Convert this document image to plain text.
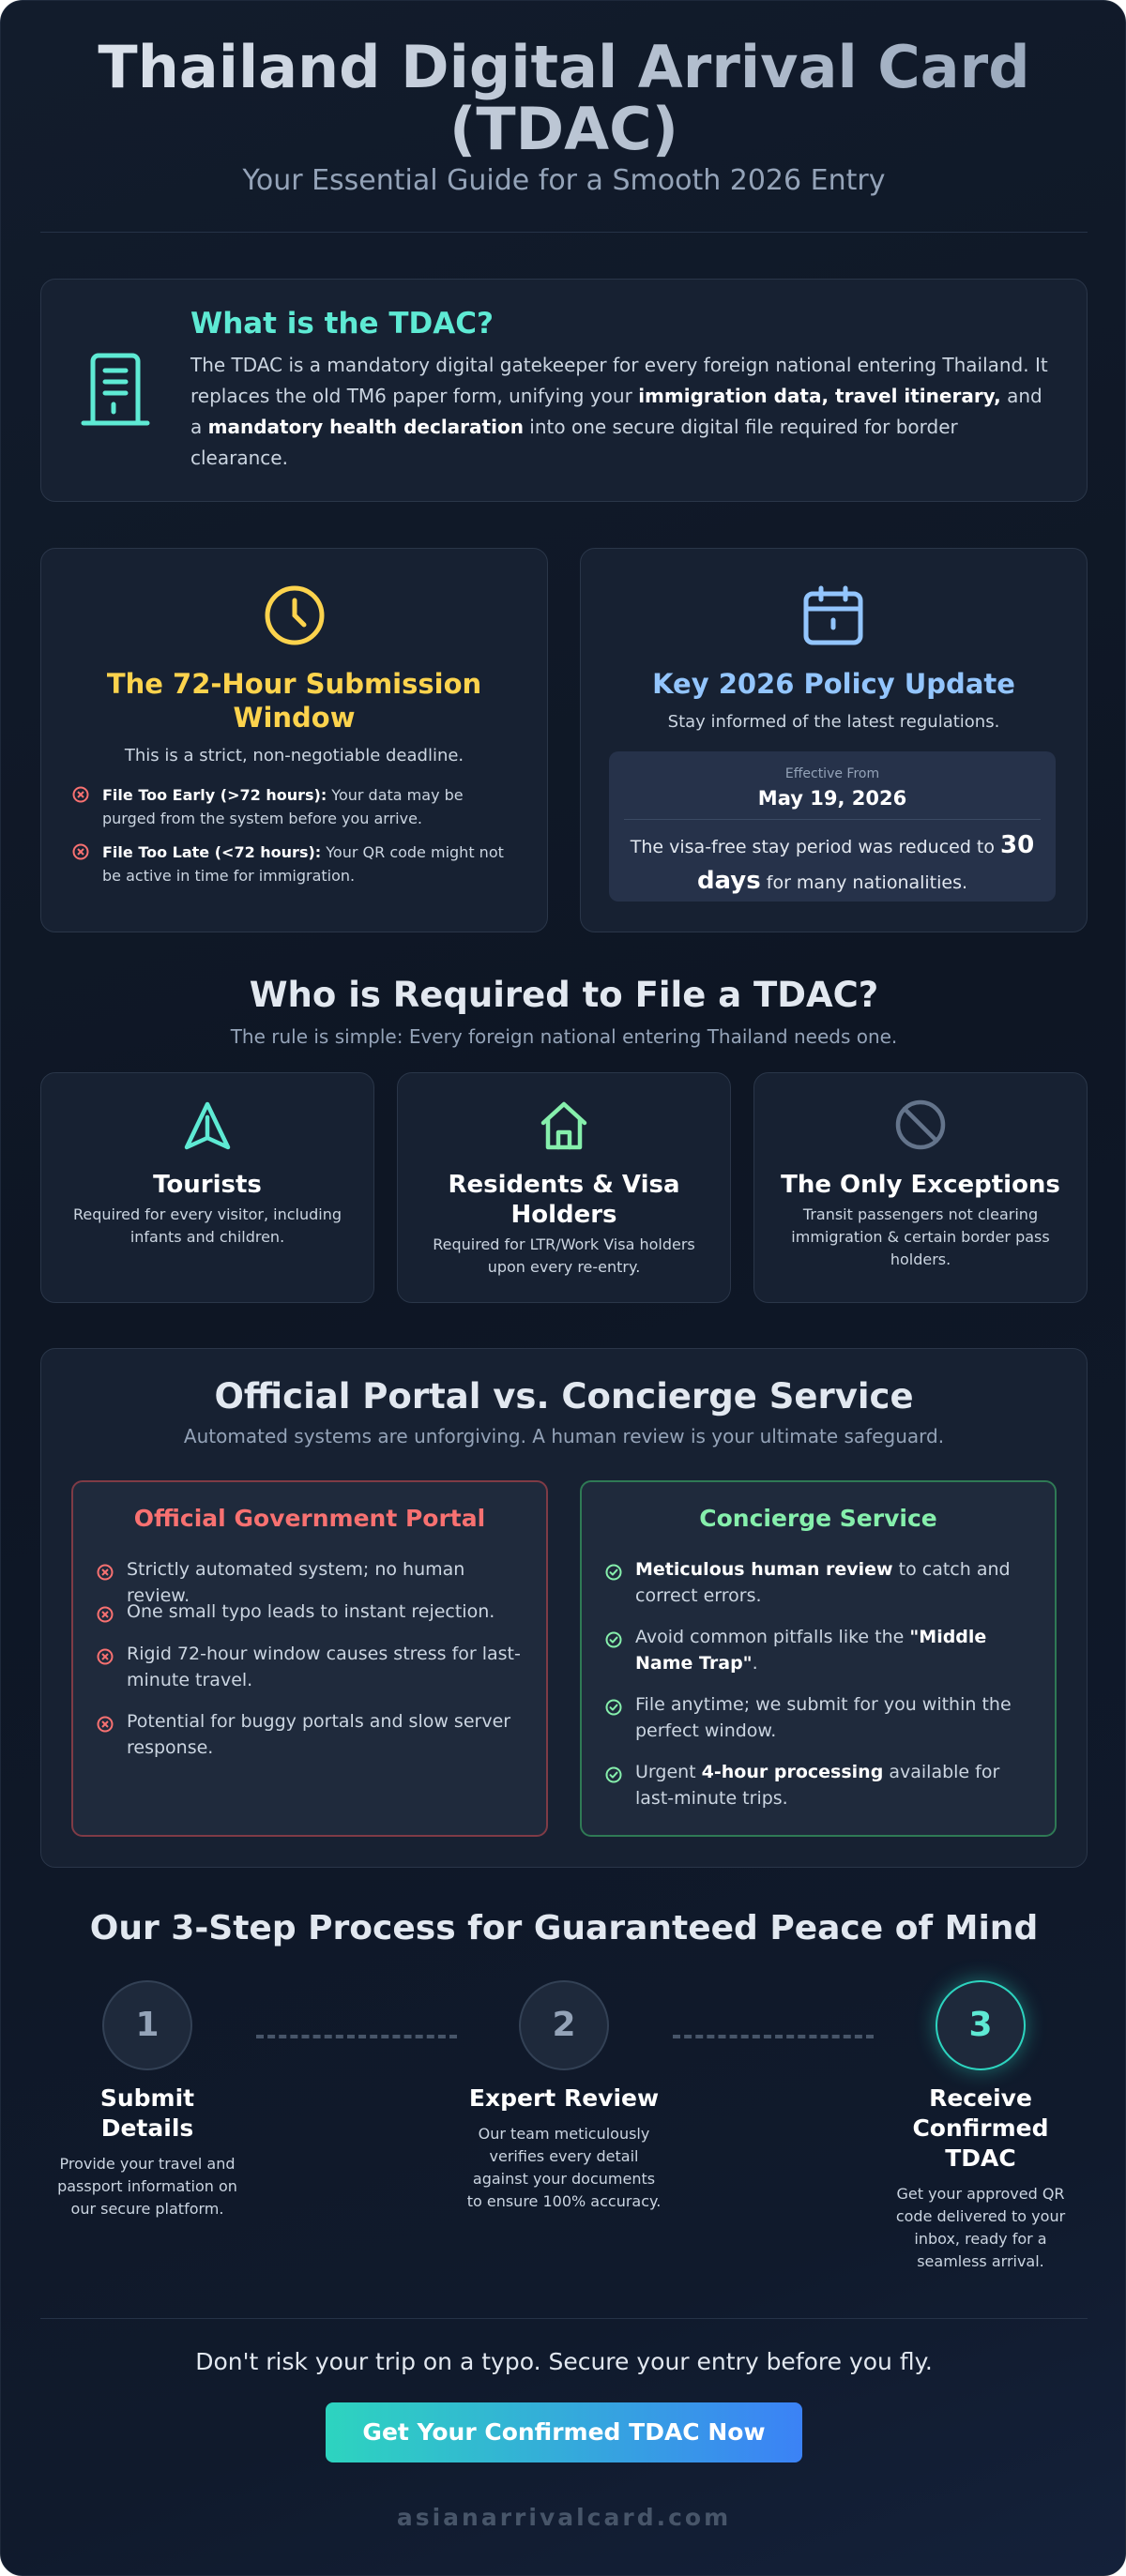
Thailand Digital Arrival Card
(TDAC)
Your Essential Guide for a Smooth 2026 Entry
What is the TDAC?
The TDAC is a mandatory digital gatekeeper for every foreign national entering Thailand. It replaces the old TM6 paper form, unifying your immigration data, travel itinerary, and a mandatory health declaration into one secure digital file required for border clearance.
The 72-Hour Submission Window
This is a strict, non-negotiable deadline.
File Too Early (>72 hours): Your data may be purged from the system before you arrive.
File Too Late (<72 hours): Your QR code might not be active in time for immigration.
Key 2026 Policy Update
Stay informed of the latest regulations.
Effective From
May 19, 2026
The visa-free stay period was reduced to 30 days for many nationalities.
Who is Required to File a TDAC?
The rule is simple: Every foreign national entering Thailand needs one.
Tourists
Required for every visitor, including infants and children.
Residents & Visa Holders
Required for LTR/Work Visa holders upon every re-entry.
The Only Exceptions
Transit passengers not clearing immigration & certain border pass holders.
Official Portal vs. Concierge Service
Automated systems are unforgiving. A human review is your ultimate safeguard.
Official Government Portal
Strictly automated system; no human review.
One small typo leads to instant rejection.
Rigid 72-hour window causes stress for last-minute travel.
Potential for buggy portals and slow server response.
Concierge Service
Meticulous human review to catch and correct errors.
Avoid common pitfalls like the "Middle Name Trap".
File anytime; we submit for you within the perfect window.
Urgent 4-hour processing available for last-minute trips.
Our 3-Step Process for Guaranteed Peace of Mind
1	2	3
Submit Details
Provide your travel and passport information on our secure platform.
Expert Review
Our team meticulously verifies every detail against your documents to ensure 100% accuracy.
Receive Confirmed TDAC
Get your approved QR code delivered to your inbox, ready for a seamless arrival.
Don't risk your trip on a typo. Secure your entry before you fly.
Get Your Confirmed TDAC Now
asianarrivalcard.com
